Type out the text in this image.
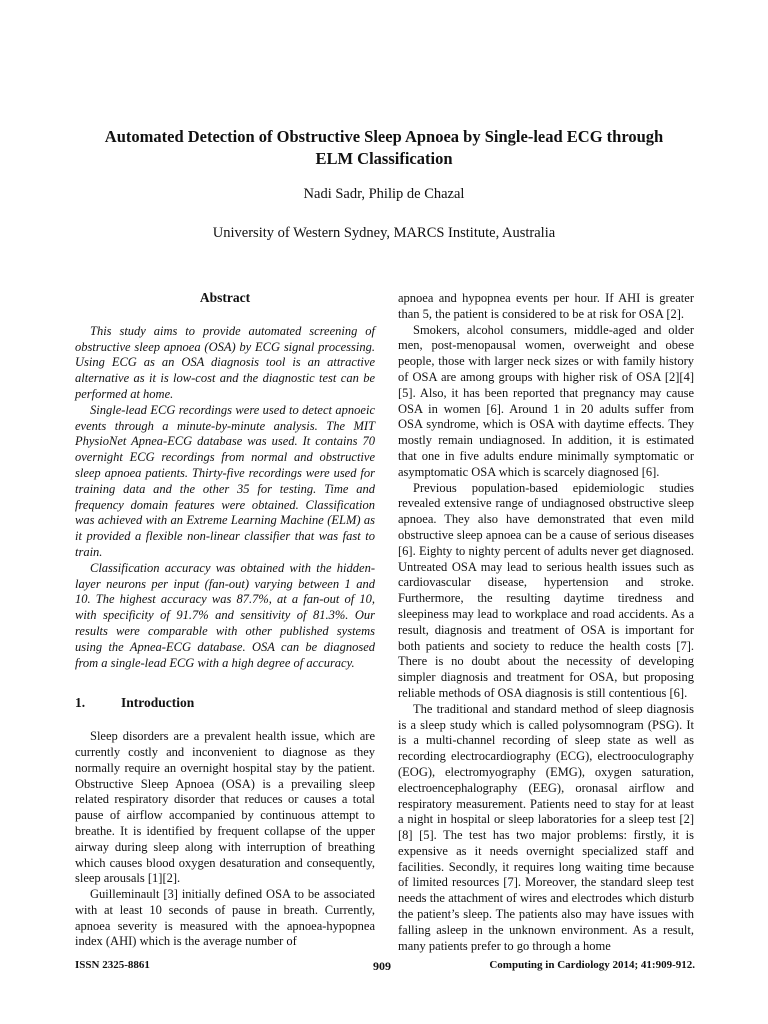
Automated Detection of Obstructive Sleep Apnoea by Single-lead ECG through
ELM Classification
Nadi Sadr, Philip de Chazal
University of Western Sydney, MARCS Institute, Australia
Abstract

This study aims to provide automated screening of obstructive sleep apnoea (OSA) by ECG signal processing. Using ECG as an OSA diagnosis tool is an attractive alternative as it is low-cost and the diagnostic test can be performed at home.

Single-lead ECG recordings were used to detect apnoeic events through a minute-by-minute analysis. The MIT PhysioNet Apnea-ECG database was used. It contains 70 overnight ECG recordings from normal and obstructive sleep apnoea patients. Thirty-five recordings were used for training data and the other 35 for testing. Time and frequency domain features were obtained. Classification was achieved with an Extreme Learning Machine (ELM) as it provided a flexible non-linear classifier that was fast to train.

Classification accuracy was obtained with the hidden-layer neurons per input (fan-out) varying between 1 and 10. The highest accuracy was 87.7%, at a fan-out of 10, with specificity of 91.7% and sensitivity of 81.3%. Our results were comparable with other published systems using the Apnea-ECG database. OSA can be diagnosed from a single-lead ECG with a high degree of accuracy.

1.	Introduction

Sleep disorders are a prevalent health issue, which are currently costly and inconvenient to diagnose as they normally require an overnight hospital stay by the patient. Obstructive Sleep Apnoea (OSA) is a prevailing sleep related respiratory disorder that reduces or causes a total pause of airflow accompanied by continuous attempt to breathe. It is identified by frequent collapse of the upper airway during sleep along with interruption of breathing which causes blood oxygen desaturation and consequently, sleep arousals [1][2].

Guilleminault [3] initially defined OSA to be associated with at least 10 seconds of pause in breath. Currently, apnoea severity is measured with the apnoea-hypopnea index (AHI) which is the average number of

apnoea and hypopnea events per hour. If AHI is greater than 5, the patient is considered to be at risk for OSA [2].

Smokers, alcohol consumers, middle-aged and older men, post-menopausal women, overweight and obese people, those with larger neck sizes or with family history of OSA are among groups with higher risk of OSA [2][4] [5]. Also, it has been reported that pregnancy may cause OSA in women [6]. Around 1 in 20 adults suffer from OSA syndrome, which is OSA with daytime effects. They mostly remain undiagnosed. In addition, it is estimated that one in five adults endure minimally symptomatic or asymptomatic OSA which is scarcely diagnosed [6].

Previous population-based epidemiologic studies revealed extensive range of undiagnosed obstructive sleep apnoea. They also have demonstrated that even mild obstructive sleep apnoea can be a cause of serious diseases [6]. Eighty to nighty percent of adults never get diagnosed. Untreated OSA may lead to serious health issues such as cardiovascular disease, hypertension and stroke. Furthermore, the resulting daytime tiredness and sleepiness may lead to workplace and road accidents. As a result, diagnosis and treatment of OSA is important for both patients and society to reduce the health costs [7]. There is no doubt about the necessity of developing simpler diagnosis and treatment for OSA, but proposing reliable methods of OSA diagnosis is still contentious [6].

The traditional and standard method of sleep diagnosis is a sleep study which is called polysomnogram (PSG). It is a multi-channel recording of sleep state as well as recording electrocardiography (ECG), electrooculography (EOG), electromyography (EMG), oxygen saturation, electroencephalography (EEG), oronasal airflow and respiratory measurement. Patients need to stay for at least a night in hospital or sleep laboratories for a sleep test [2] [8] [5]. The test has two major problems: firstly, it is expensive as it needs overnight specialized staff and facilities. Secondly, it requires long waiting time because of limited resources [7]. Moreover, the standard sleep test needs the attachment of wires and electrodes which disturb the patient’s sleep. The patients also may have issues with falling asleep in the unknown environment. As a result, many patients prefer to go through a home

ISSN 2325-8861	909	Computing in Cardiology 2014; 41:909-912.
